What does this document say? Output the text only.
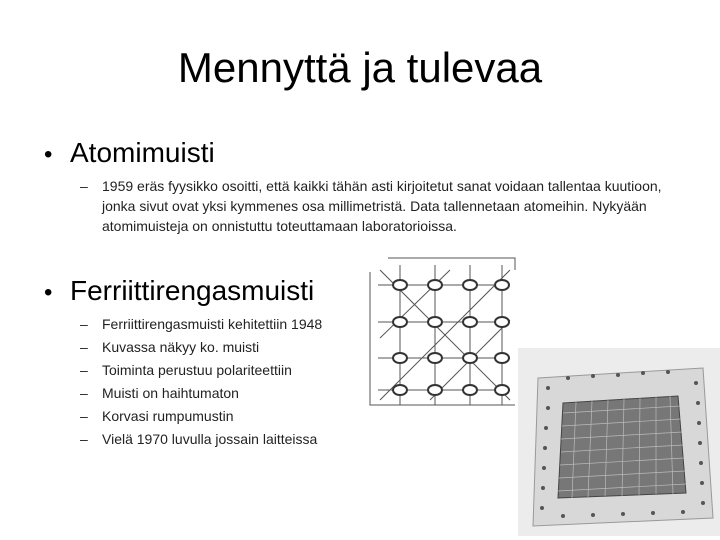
Mennyttä ja tulevaa
• Atomimuisti
–	1959 eräs fyysikko osoitti, että kaikki tähän asti kirjoitetut sanat voidaan tallentaa kuutioon, jonka sivut ovat yksi kymmenes osa millimetristä. Data tallennetaan atomeihin. Nykyään atomimuisteja on onnistuttu toteuttamaan laboratorioissa.
• Ferriittirengasmuisti
–	Ferriittirengasmuisti kehitettiin 1948
–	Kuvassa näkyy ko. muisti
–	Toiminta perustuu polariteettiin
–	Muisti on haihtumaton
–	Korvasi rumpumustin
–	Vielä 1970 luvulla jossain laitteissa
